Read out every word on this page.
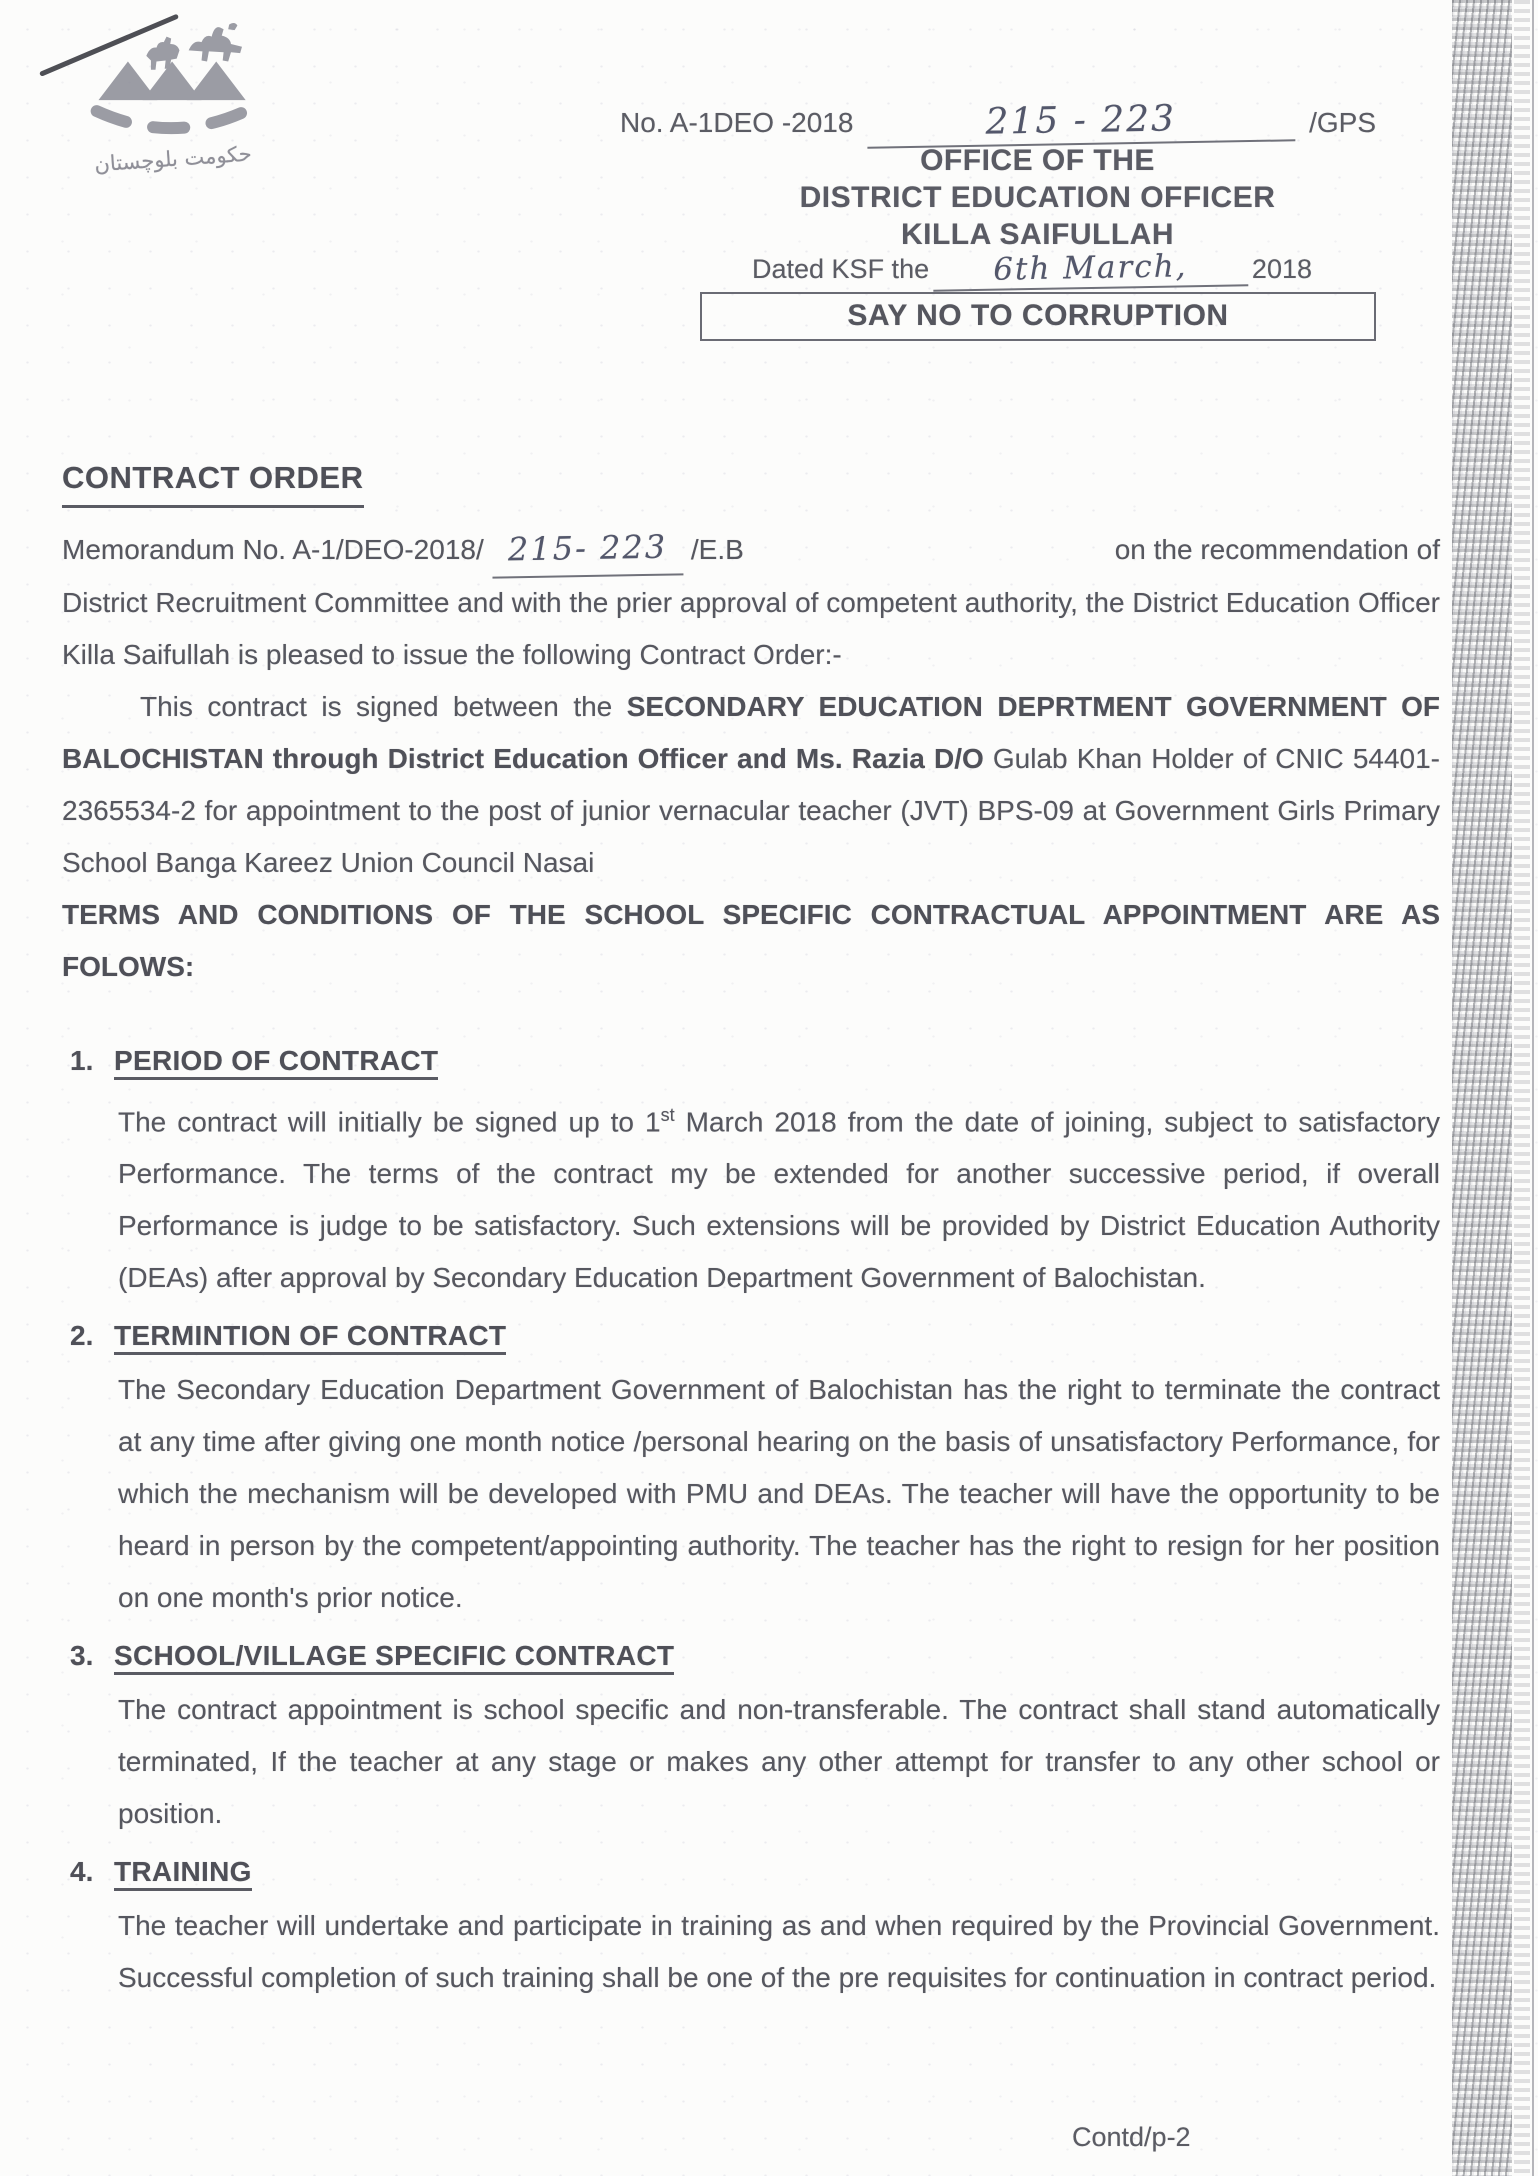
حکومت بلوچستان
No. A-1DEO -2018	215 - 223	/GPS
OFFICE OF THE
DISTRICT EDUCATION OFFICER
KILLA SAIFULLAH
Dated KSF the	6th March,	2018
SAY NO TO CORRUPTION
CONTRACT ORDER
Memorandum No. A-1/DEO-2018/ 215- 223 /E.B	on the recommendation of

District Recruitment Committee and with the prier approval of competent authority, the District Education Officer Killa Saifullah is pleased to issue the following Contract Order:-

This contract is signed between the SECONDARY EDUCATION DEPRTMENT GOVERNMENT OF BALOCHISTAN through District Education Officer and Ms. Razia D/O Gulab Khan Holder of CNIC 54401-2365534-2 for appointment to the post of junior vernacular teacher (JVT) BPS-09 at Government Girls Primary School Banga Kareez Union Council Nasai

TERMS AND CONDITIONS OF THE SCHOOL SPECIFIC CONTRACTUAL APPOINTMENT ARE AS FOLOWS:

1. PERIOD OF CONTRACT

The contract will initially be signed up to 1st March 2018 from the date of joining, subject to satisfactory Performance. The terms of the contract my be extended for another successive period, if overall Performance is judge to be satisfactory. Such extensions will be provided by District Education Authority (DEAs) after approval by Secondary Education Department Government of Balochistan.

2. TERMINTION OF CONTRACT

The Secondary Education Department Government of Balochistan has the right to terminate the contract at any time after giving one month notice /personal hearing on the basis of unsatisfactory Performance, for which the mechanism will be developed with PMU and DEAs. The teacher will have the opportunity to be heard in person by the competent/appointing authority. The teacher has the right to resign for her position on one month's prior notice.

3. SCHOOL/VILLAGE SPECIFIC CONTRACT

The contract appointment is school specific and non-transferable. The contract shall stand automatically terminated, If the teacher at any stage or makes any other attempt for transfer to any other school or position.

4. TRAINING

The teacher will undertake and participate in training as and when required by the Provincial Government. Successful completion of such training shall be one of the pre requisites for continuation in contract period.

Contd/p-2
